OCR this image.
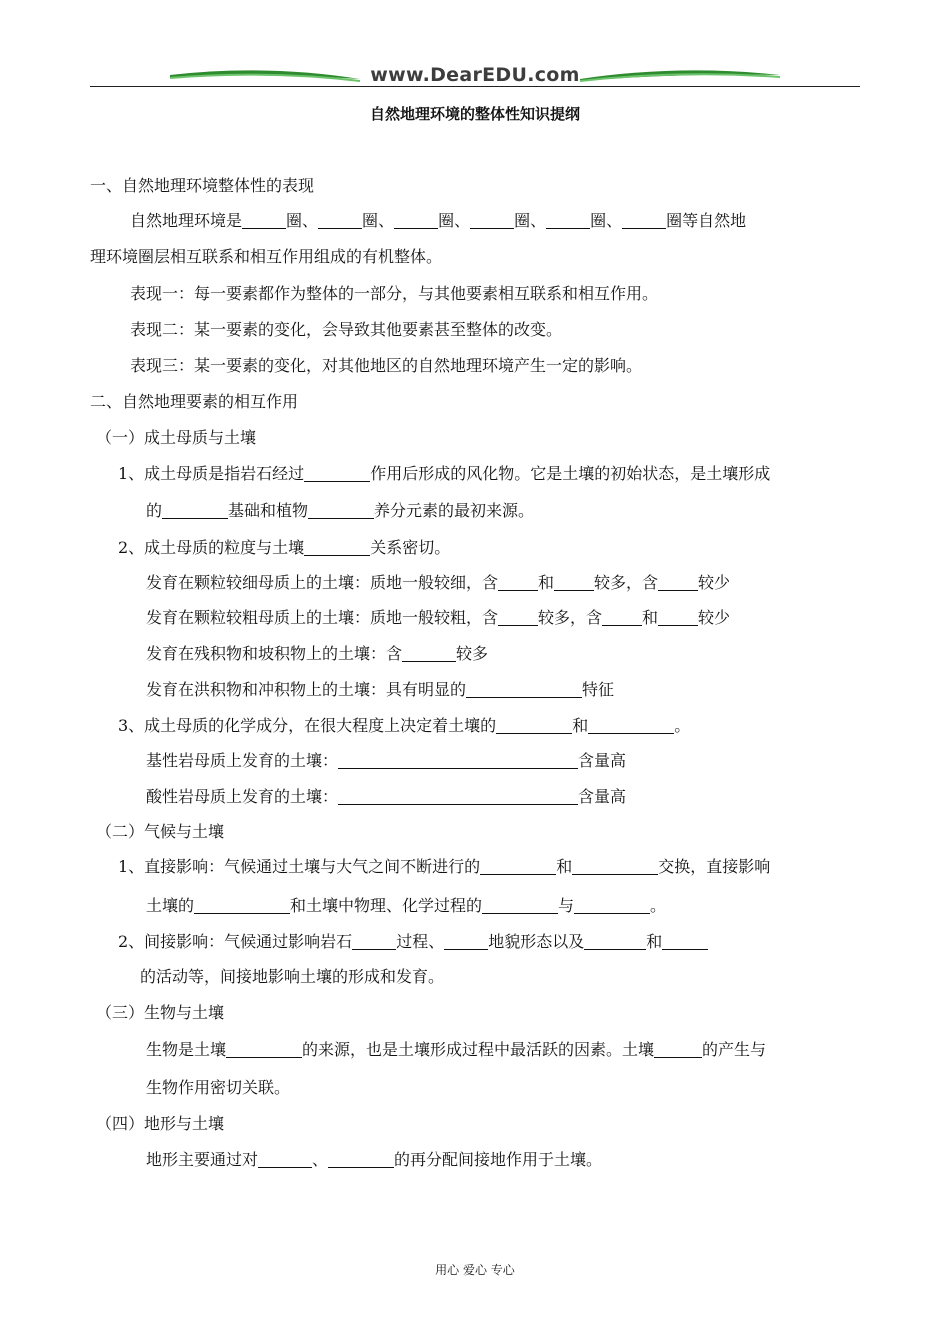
www.DearEDU.com
自然地理环境的整体性知识提纲
一、自然地理环境整体性的表现
自然地理环境是	圈、	圈、	圈、	圈、	圈、	圈等自然地
理环境圈层相互联系和相互作用组成的有机整体。
表现一：每一要素都作为整体的一部分，与其他要素相互联系和相互作用。
表现二：某一要素的变化，会导致其他要素甚至整体的改变。
表现三：某一要素的变化，对其他地区的自然地理环境产生一定的影响。
二、自然地理要素的相互作用
（一）成土母质与土壤
1、成土母质是指岩石经过	作用后形成的风化物。它是土壤的初始状态，是土壤形成
的	基础和植物	养分元素的最初来源。
2、成土母质的粒度与土壤	关系密切。
发育在颗粒较细母质上的土壤：质地一般较细，含	和	较多，含	较少
发育在颗粒较粗母质上的土壤：质地一般较粗，含	较多，含	和	较少
发育在残积物和坡积物上的土壤：含	较多
发育在洪积物和冲积物上的土壤：具有明显的	特征
3、成土母质的化学成分，在很大程度上决定着土壤的	和	。
基性岩母质上发育的土壤：	含量高
酸性岩母质上发育的土壤：	含量高
（二）气候与土壤
1、直接影响：气候通过土壤与大气之间不断进行的	和	交换，直接影响
土壤的	和土壤中物理、化学过程的	与	。
2、间接影响：气候通过影响岩石	过程、	地貌形态以及	和
的活动等，间接地影响土壤的形成和发育。
（三）生物与土壤
生物是土壤	的来源，也是土壤形成过程中最活跃的因素。土壤	的产生与
生物作用密切关联。
（四）地形与土壤
地形主要通过对	、	的再分配间接地作用于土壤。
用心 爱心 专心
